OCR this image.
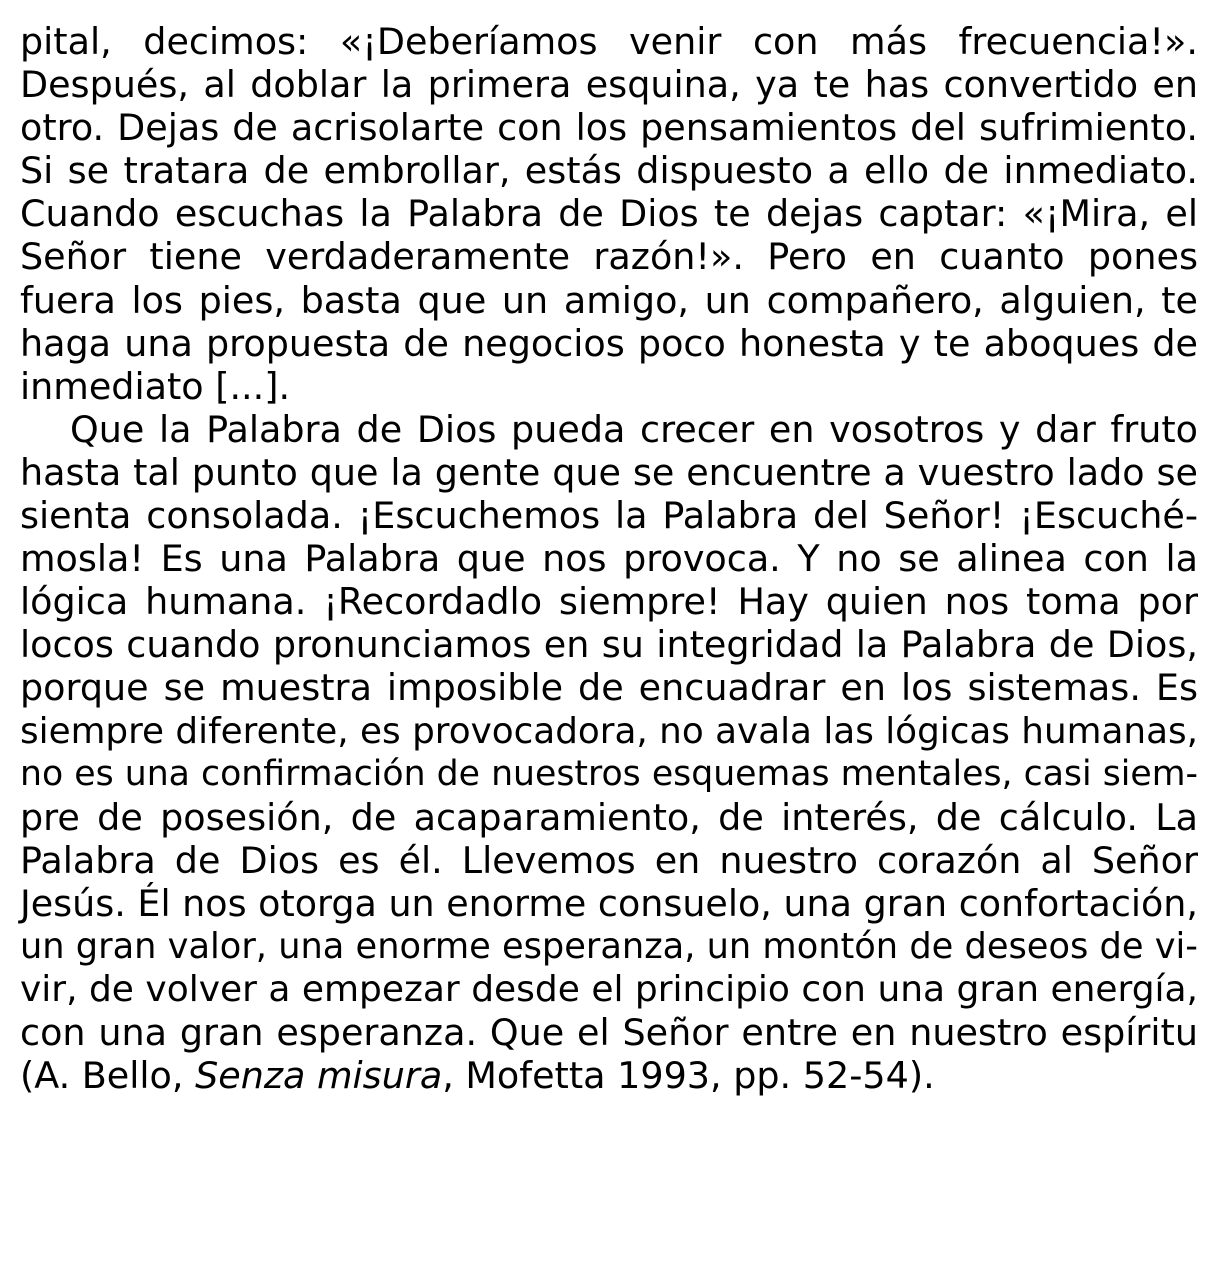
pital, decimos: «¡Deberíamos venir con más frecuencia!».
Después, al doblar la primera esquina, ya te has convertido en
otro. Dejas de acrisolarte con los pensamientos del sufrimiento.
Si se tratara de embrollar, estás dispuesto a ello de inmediato.
Cuando escuchas la Palabra de Dios te dejas captar: «¡Mira, el
Señor tiene verdaderamente razón!». Pero en cuanto pones
fuera los pies, basta que un amigo, un compañero, alguien, te
haga una propuesta de negocios poco honesta y te aboques de
inmediato [...].
Que la Palabra de Dios pueda crecer en vosotros y dar fruto
hasta tal punto que la gente que se encuentre a vuestro lado se
sienta consolada. ¡Escuchemos la Palabra del Señor! ¡Escuché-
mosla! Es una Palabra que nos provoca. Y no se alinea con la
lógica humana. ¡Recordadlo siempre! Hay quien nos toma por
locos cuando pronunciamos en su integridad la Palabra de Dios,
porque se muestra imposible de encuadrar en los sistemas. Es
siempre diferente, es provocadora, no avala las lógicas humanas,
no es una confirmación de nuestros esquemas mentales, casi siem-
pre de posesión, de acaparamiento, de interés, de cálculo. La
Palabra de Dios es él. Llevemos en nuestro corazón al Señor
Jesús. Él nos otorga un enorme consuelo, una gran confortación,
un gran valor, una enorme esperanza, un montón de deseos de vi-
vir, de volver a empezar desde el principio con una gran energía,
con una gran esperanza. Que el Señor entre en nuestro espíritu
(A. Bello, Senza misura, Mofetta 1993, pp. 52-54).
